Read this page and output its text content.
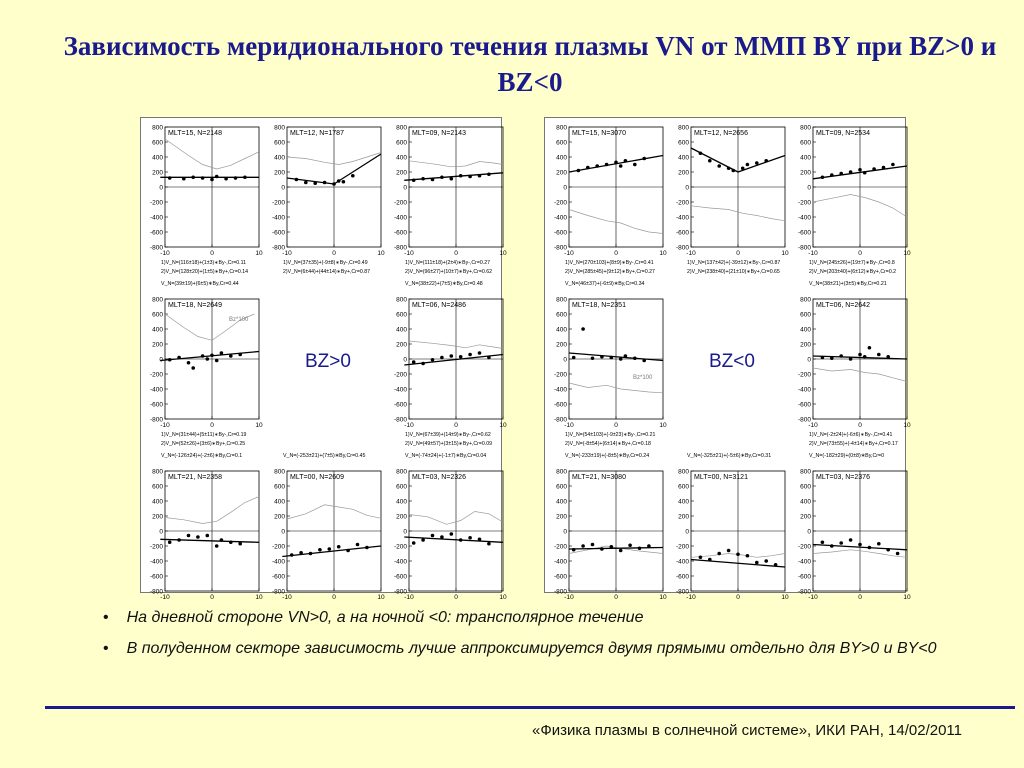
Зависимость меридионального течения плазмы VN от ММП BY при BZ>0 и BZ<0
800
600
400
200
0
-200
-400
-600
-800
-10	0	10
MLT=15, N=2148
1)V_N=(116±18)+(1±3)∗By-,Cr=0.11
2)V_N=(128±20)+(1±5)∗By+,Cr=0.14
800
600
400
200
0
-200
-400
-600
-800
-10	0	10
MLT=12, N=1787
1)V_N=(37±35)+(-9±8)∗By-,Cr=0.49
2)V_N=(6±44)+(44±14)∗By+,Cr=0.87
800
600
400
200
0
-200
-400
-600
-800
-10	0	10
MLT=09, N=2143
1)V_N=(111±18)+(2±4)∗By-,Cr=0.27
2)V_N=(96±27)+(10±7)∗By+,Cr=0.62
800
600
400
200
0
-200
-400
-600
-800
-10	0	10
MLT=18, N=2649
1)V_N=(31±44)+(5±11)∗By-,Cr=0.19
2)V_N=(52±26)+(3±6)∗By+,Cr=0.25
Bz*100
BZ>0
800
600
400
200
0
-200
-400
-600
-800
-10	0	10
MLT=06, N=2486
1)V_N=(67±39)+(14±9)∗By-,Cr=0.62
2)V_N=(49±57)+(3±15)∗By+,Cr=0.09
800
600
400
200
0
-200
-400
-600
-800
-10	0	10
MLT=21, N=2358
800
600
400
200
0
-200
-400
-600
-800
-10	0	10
MLT=00, N=2609
800
600
400
200
0
-200
-400
-600
-800
-10	0	10
MLT=03, N=2326
V_N=(39±19)+(6±5)∗By,Cr=0.44	V_N=(38±22)+(7±5)∗By,Cr=0.48
V_N=(-126±24)+(-2±6)∗By,Cr=0.1	V_N=(-253±21)+(7±5)∗By,Cr=0.45	V_N=(-74±24)+(-1±7)∗By,Cr=0.04
800
600
400
200
0
-200
-400
-600
-800
-10	0	10
MLT=15, N=3070
1)V_N=(270±103)+(8±9)∗By-,Cr=0.41
2)V_N=(285±45)+(9±12)∗By+,Cr=0.27
800
600
400
200
0
-200
-400
-600
-800
-10	0	10
MLT=12, N=2656
1)V_N=(137±42)+(-39±12)∗By-,Cr=0.87
2)V_N=(238±40)+(21±10)∗By+,Cr=0.65
800
600
400
200
0
-200
-400
-600
-800
-10	0	10
MLT=09, N=2534
1)V_N=(245±26)+(19±7)∗By-,Cr=0.8
2)V_N=(203±40)+(6±12)∗By+,Cr=0.2
800
600
400
200
0
-200
-400
-600
-800
-10	0	10
MLT=18, N=2351
1)V_N=(54±103)+(-9±23)∗By-,Cr=0.21
2)V_N=(-8±54)+(6±14)∗By+,Cr=0.18
Bz*100
BZ<0
800
600
400
200
0
-200
-400
-600
-800
-10	0	10
MLT=06, N=2642
1)V_N=(-2±24)+(-6±6)∗By-,Cr=0.41
2)V_N=(73±55)+(-4±14)∗By+,Cr=0.17
800
600
400
200
0
-200
-400
-600
-800
-10	0	10
MLT=21, N=3080
800
600
400
200
0
-200
-400
-600
-800
-10	0	10
MLT=00, N=3121
800
600
400
200
0
-200
-400
-600
-800
-10	0	10
MLT=03, N=2376
V_N=(46±37)+(-6±9)∗By,Cr=0.34	V_N=(38±21)+(3±5)∗By,Cr=0.21
V_N=(-233±19)+(-8±5)∗By,Cr=0.24	V_N=(-325±21)+(-5±6)∗By,Cr=0.31	V_N=(-182±29)+(0±8)∗By,Cr=0
• На дневной стороне VN>0, а на ночной <0: трансполярное течение
• В полуденном секторе зависимость лучше аппроксимируется двумя прямыми отдельно для BY>0 и BY<0
«Физика плазмы в солнечной системе», ИКИ РАН, 14/02/2011
